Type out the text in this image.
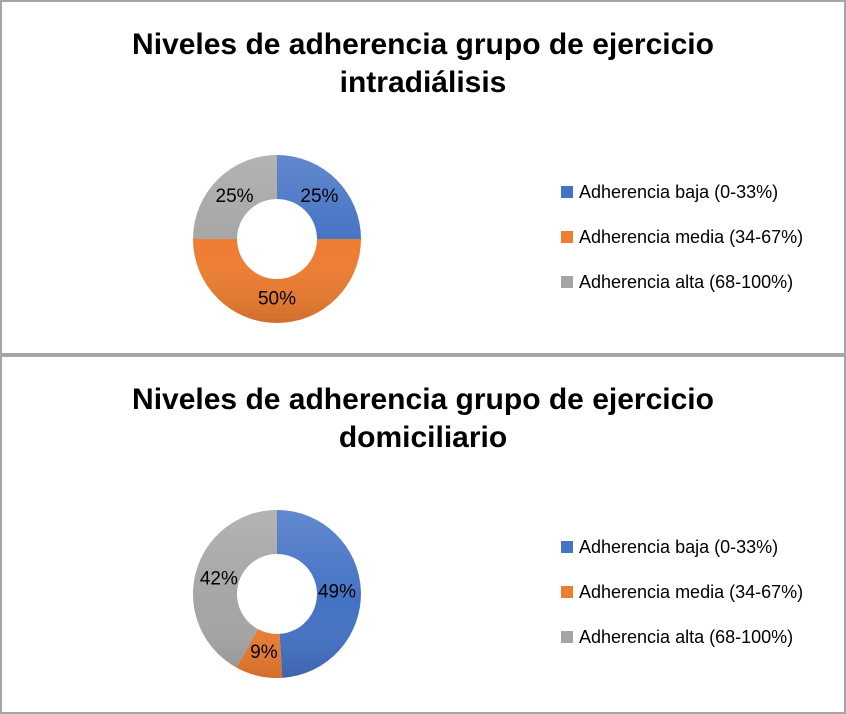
Niveles de adherencia grupo de ejercicio intradiálisis
25%
50%
25%	Adherencia baja (0-33%)
Adherencia media (34-67%)
Adherencia alta (68-100%)
Niveles de adherencia grupo de ejercicio domiciliario
49%
9%
42%
Adherencia baja (0-33%)
Adherencia media (34-67%)
Adherencia alta (68-100%)
